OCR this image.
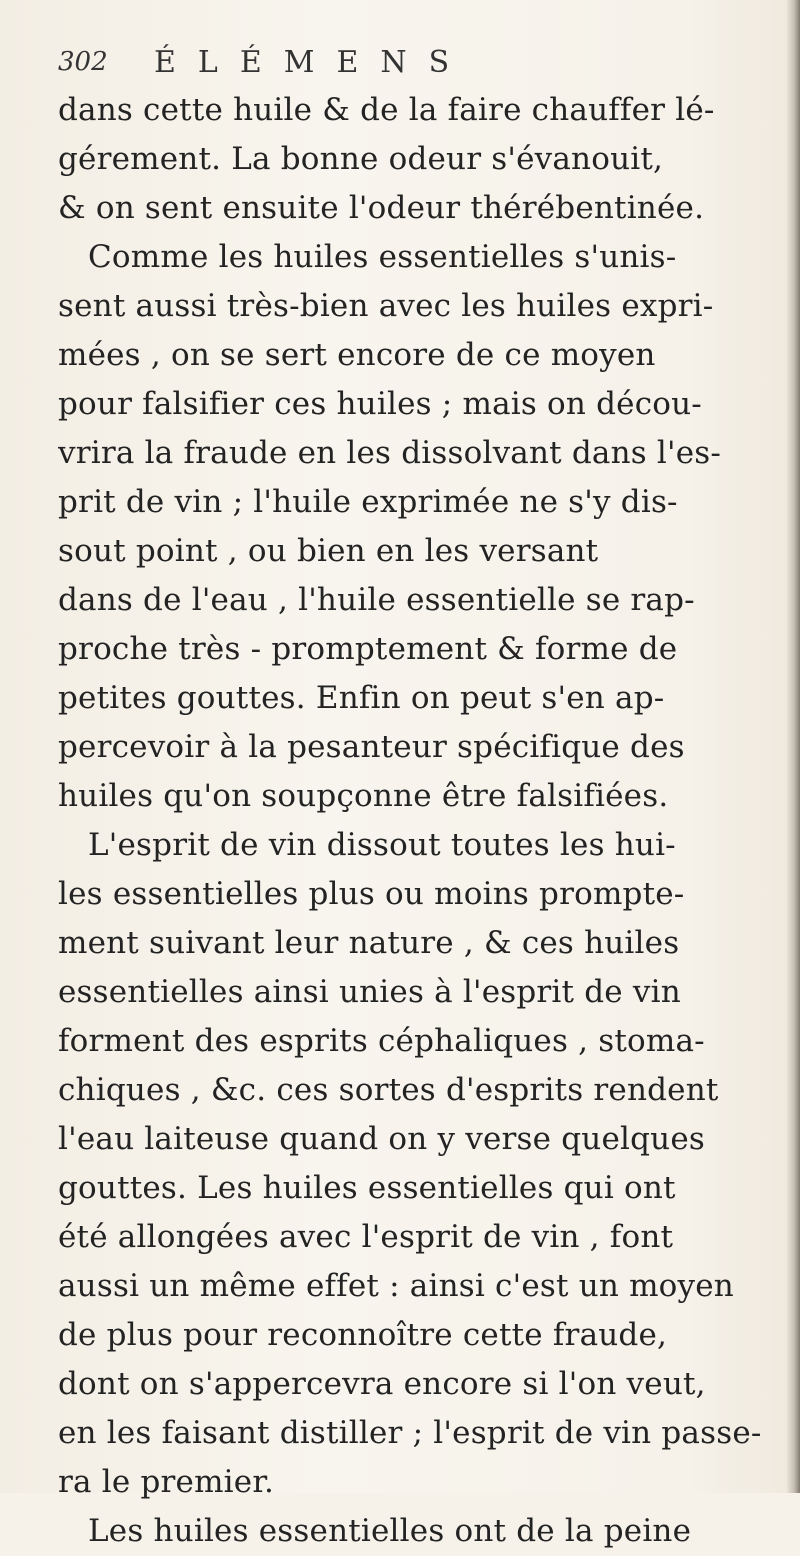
302	ÉLÉMENS
dans cette huile & de la faire chauffer lé-
gérement. La bonne odeur s'évanouit,
& on sent ensuite l'odeur thérébentinée.
Comme les huiles essentielles s'unis-
sent aussi très-bien avec les huiles expri-
mées , on se sert encore de ce moyen
pour falsifier ces huiles ; mais on décou-
vrira la fraude en les dissolvant dans l'es-
prit de vin ; l'huile exprimée ne s'y dis-
sout point , ou bien en les versant
dans de l'eau , l'huile essentielle se rap-
proche très - promptement & forme de
petites gouttes. Enfin on peut s'en ap-
percevoir à la pesanteur spécifique des
huiles qu'on soupçonne être falsifiées.
L'esprit de vin dissout toutes les hui-
les essentielles plus ou moins prompte-
ment suivant leur nature , & ces huiles
essentielles ainsi unies à l'esprit de vin
forment des esprits céphaliques , stoma-
chiques , &c. ces sortes d'esprits rendent
l'eau laiteuse quand on y verse quelques
gouttes. Les huiles essentielles qui ont
été allongées avec l'esprit de vin , font
aussi un même effet : ainsi c'est un moyen
de plus pour reconnoître cette fraude,
dont on s'appercevra encore si l'on veut,
en les faisant distiller ; l'esprit de vin passe-
ra le premier.
Les huiles essentielles ont de la peine
